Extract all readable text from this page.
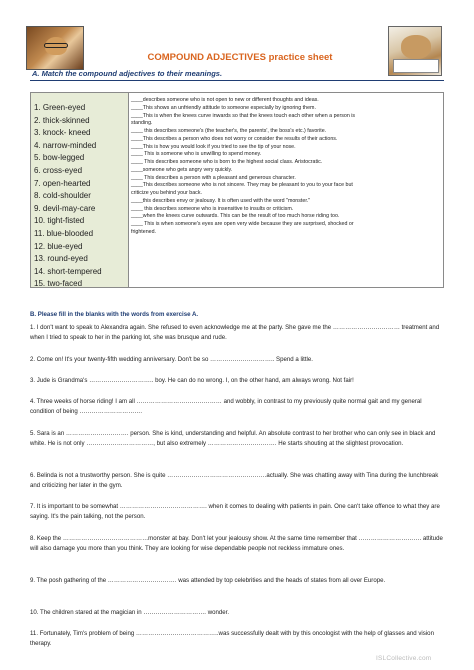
COMPOUND ADJECTIVES practice sheet
A. Match the compound adjectives to their meanings.
1. Green-eyed
2. thick-skinned
3. knock- kneed
4. narrow-minded
5. bow-legged
6. cross-eyed
7. open-hearted
8. cold-shoulder
9. devil-may-care
10. tight-fisted
11. blue-blooded
12. blue-eyed
13. round-eyed
14. short-tempered
15. two-faced

____describes someone who is not open to new or different thoughts and ideas.

____This shows an unfriendly attitude to someone especially by ignoring them.

____This is when the knees curve inwards so that the knees touch each other when a person is

standing.

____ this describes someone's (the teacher's, the parents', the boss's etc.) favorite.

____This describes a person who does not worry or consider the results of their actions.

____This is how you would look if you tried to see the tip of your nose.

____ This is someone who is unwilling to spend money.

____ This describes someone who is born to the highest social class. Aristocratic.

____someone who gets angry very quickly.

____ This describes a person with a pleasant and generous character.

____This describes someone who is not sincere. They may be pleasant to you to your face but

criticize you behind your back.

____this describes envy or jealousy. It is often used with the word "monster."

____ this describes someone who is insensitive to insults or criticism.

____when the knees curve outwards. This can be the result of too much horse riding too.

____ This is when someone's eyes are open very wide because they are surprised, shocked or

frightened.

B. Please fill in the blanks with the words from exercise A.
1. I don't want to speak to Alexandra again. She refused to even acknowledge me at the party. She gave me the …………………………… treatment and when I tried to speak to her in the parking lot, she was brusque and rude.
2. Come on! It's your twenty-fifth wedding anniversary. Don't be so ………………………….. Spend a little.
3. Jude is Grandma's ………………………….. boy. He can do no wrong. I, on the other hand, am always wrong. Not fair!
4. Three weeks of horse riding! I am all …………………………………… and wobbly, in contrast to my previously quite normal gait and my general condition of being ………………………….
5. Sara is an …………………………. person. She is kind, understanding and helpful. An absolute contrast to her brother who can only see in black and white. He is not only ……………………………, but also extremely ……………………………. He starts shouting at the slightest provocation.
6. Belinda is not a trustworthy person. She is quite ………………………………………….actually. She was chatting away with Tina during the lunchbreak and criticizing her later in the gym.
7. It is important to be somewhat ……………………………………. when it comes to dealing with patients in pain. One can't take offence to what they are saying. It's the pain talking, not the person.
8. Keep the ……………………………………monster at bay. Don't let your jealousy show. At the same time remember that …………………………. attitude will also damage you more than you think. They are looking for wise dependable people not reckless immature ones.
9. The posh gathering of the ……………………………. was attended by top celebrities and the heads of states from all over Europe.
10. The children stared at the magician in …………………………. wonder.
11. Fortunately, Tim's problem of being …………………………………..was successfully dealt with by this oncologist with the help of glasses and vision therapy.
ISLCollective.com
